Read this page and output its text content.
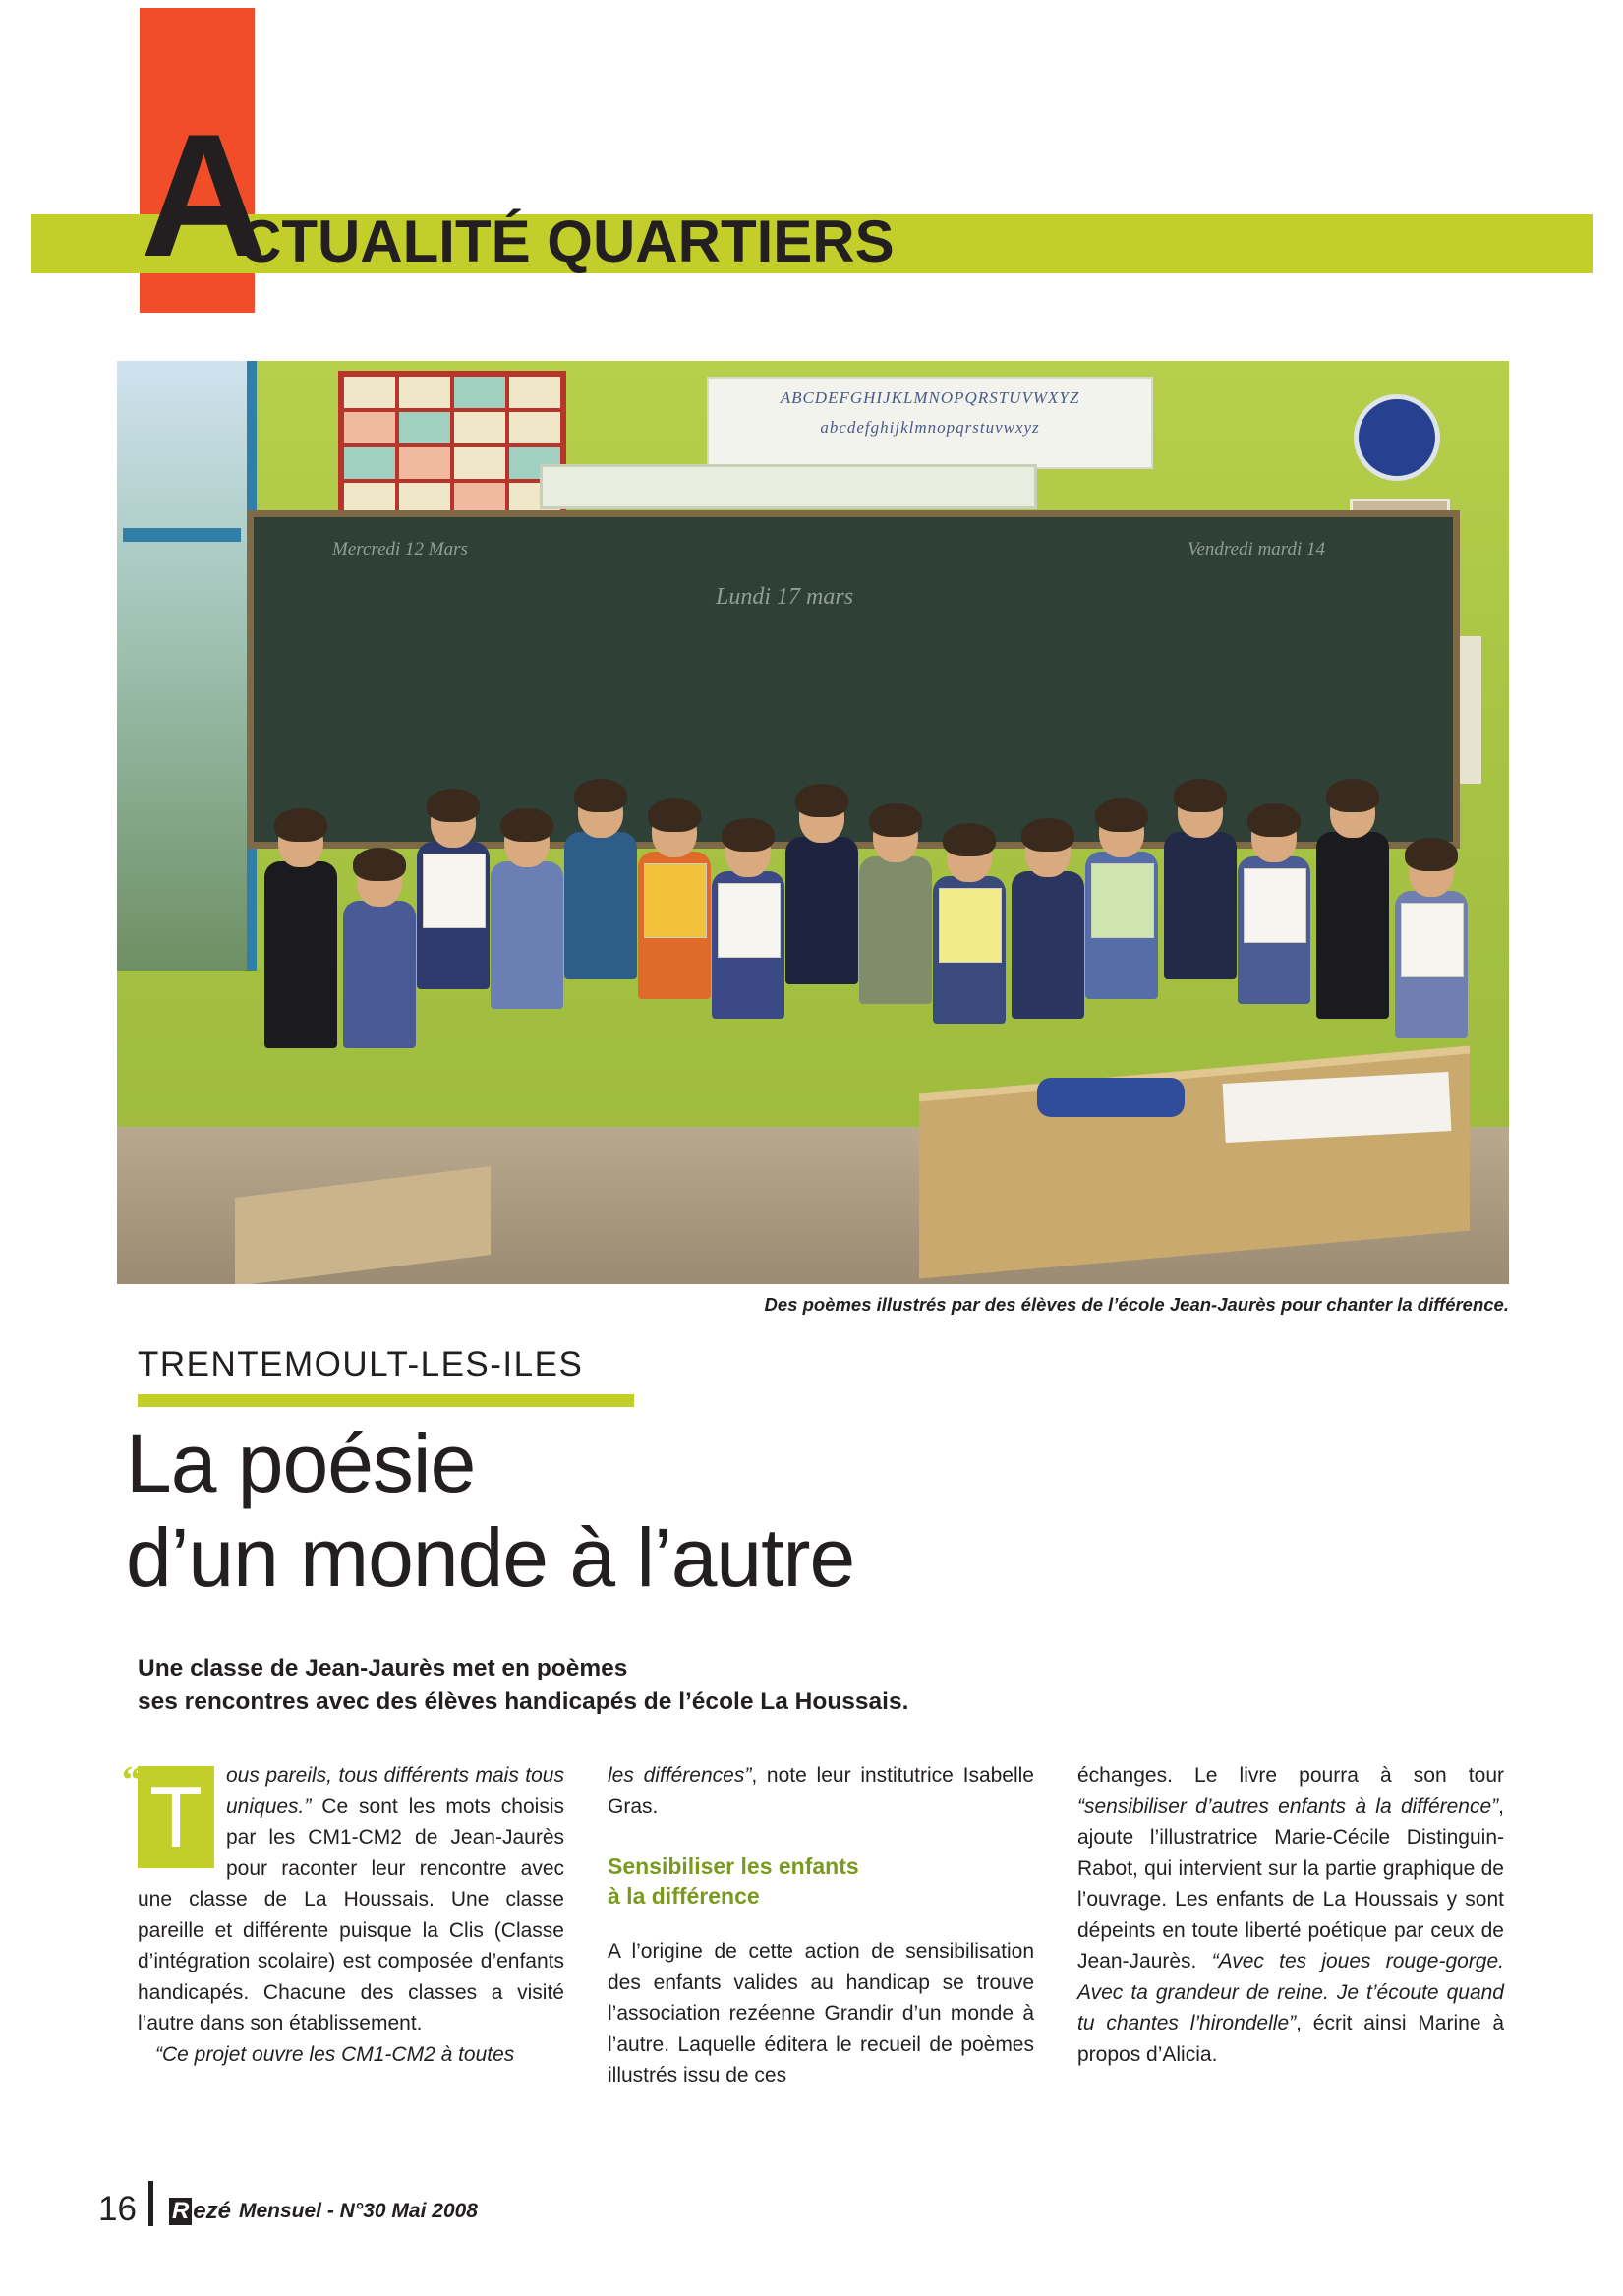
A
CTUALITÉ QUARTIERS
ABCDEFGHIJKLMNOPQRSTUVWXYZ
abcdefghijklmnopqrstuvwxyz
Mercredi 12 Mars
Lundi 17 mars
Vendredi mardi 14
Des poèmes illustrés par des élèves de l’école Jean-Jaurès pour chanter la différence.
TRENTEMOULT-LES-ILES
La poésie
d’un monde à l’autre
Une classe de Jean-Jaurès met en poèmes
ses rencontres avec des élèves handicapés de l’école La Houssais.
“ T	ous pareils, tous différents mais tous uniques.” Ce sont les mots choisis par les CM1-CM2 de Jean-Jaurès pour raconter leur rencontre avec une classe de La Houssais. Une classe pareille et différente puisque la Clis (Classe d’intégration scolaire) est composée d’enfants handicapés. Chacune des classes a visité l’autre dans son établissement.

“Ce projet ouvre les CM1-CM2 à toutes

les différences”, note leur institutrice Isabelle Gras.

Sensibiliser les enfants
à la différence

A l’origine de cette action de sensibilisation des enfants valides au handicap se trouve l’association rezéenne Grandir d’un monde à l’autre. Laquelle éditera le recueil de poèmes illustrés issu de ces

échanges. Le livre pourra à son tour “sensibiliser d’autres enfants à la différence”, ajoute l’illustratrice Marie-Cécile Distinguin-Rabot, qui intervient sur la partie graphique de l’ouvrage. Les enfants de La Houssais y sont dépeints en toute liberté poétique par ceux de Jean-Jaurès. “Avec tes joues rouge-gorge. Avec ta grandeur de reine. Je t’écoute quand tu chantes l’hirondelle”, écrit ainsi Marine à propos d’Alicia.

16 R ezé Mensuel - N°30 Mai 2008
